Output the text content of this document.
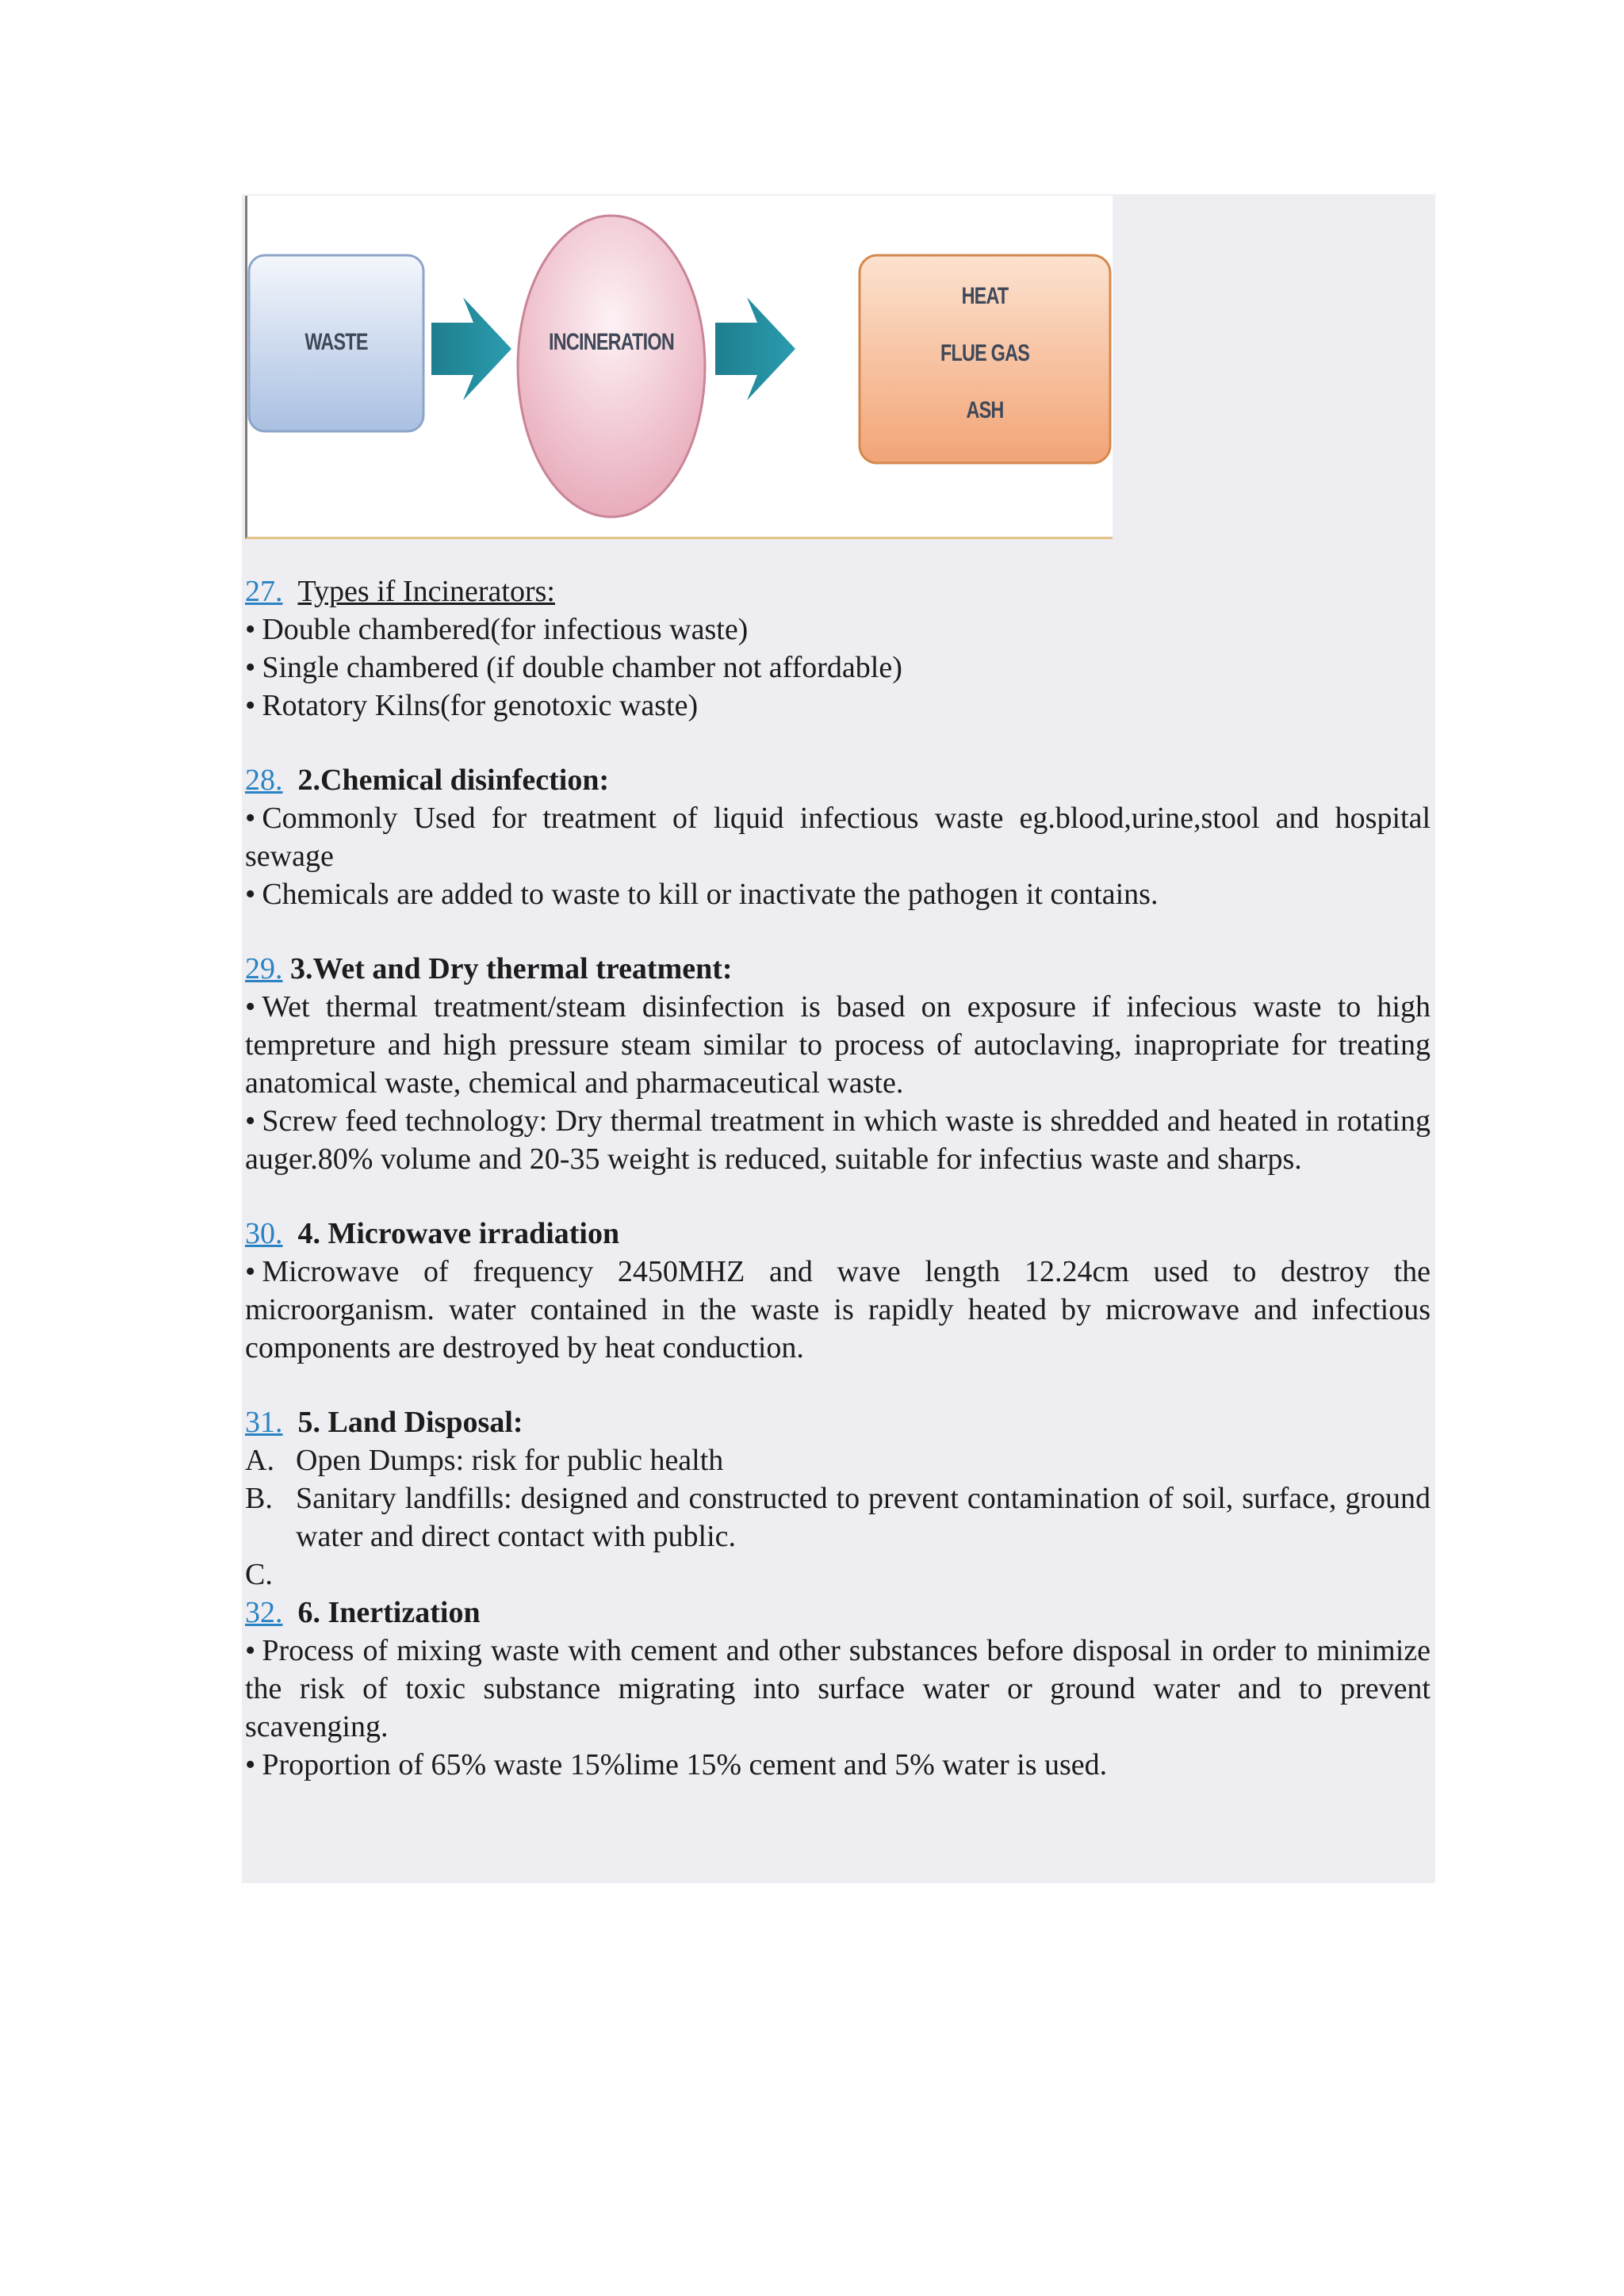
WASTE	INCINERATION
HEAT
FLUE GAS
ASH

27. Types if Incinerators:

• Double chambered(for infectious waste)

• Single chambered (if double chamber not affordable)

• Rotatory Kilns(for genotoxic waste)

28. 2.Chemical disinfection:

• Commonly Used for treatment of liquid infectious waste eg.blood,urine,stool and hospital sewage

• Chemicals are added to waste to kill or inactivate the pathogen it contains.

29. 3.Wet and Dry thermal treatment:

• Wet thermal treatment/steam disinfection is based on exposure if infecious waste to high tempreture and high pressure steam similar to process of autoclaving, inapropriate for treating anatomical waste, chemical and pharmaceutical waste.

• Screw feed technology: Dry thermal treatment in which waste is shredded and heated in rotating auger.80% volume and 20-35 weight is reduced, suitable for infectius waste and sharps.

30. 4. Microwave irradiation

• Microwave of frequency 2450MHZ and wave length 12.24cm used to destroy the microorganism. water contained in the waste is rapidly heated by microwave and infectious components are destroyed by heat conduction.

31. 5. Land Disposal:

A. Open Dumps: risk for public health
B. Sanitary landfills: designed and constructed to prevent contamination of soil, surface, ground water and direct contact with public.
C.

32. 6. Inertization

• Process of mixing waste with cement and other substances before disposal in order to minimize the risk of toxic substance migrating into surface water or ground water and to prevent scavenging.

• Proportion of 65% waste 15%lime 15% cement and 5% water is used.
